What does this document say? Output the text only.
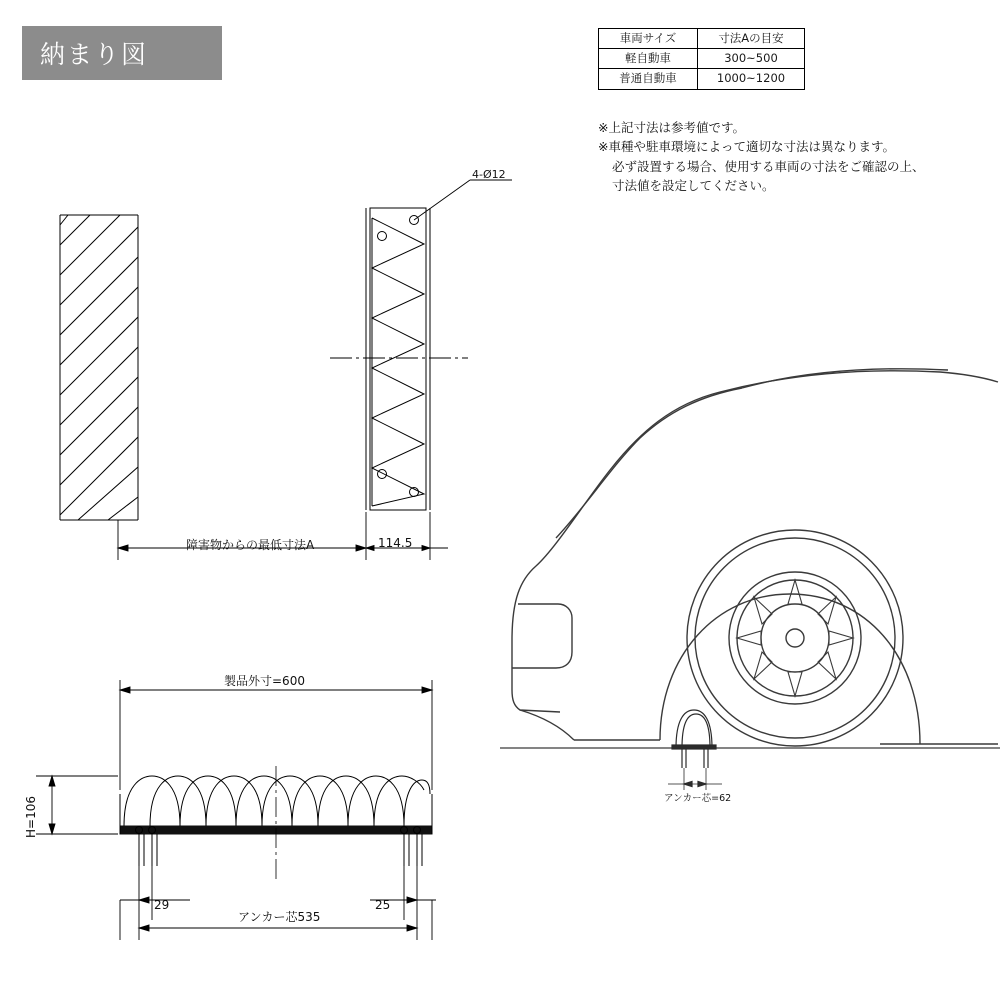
納まり図
車両サイズ	寸法Aの目安
軽自動車	300~500
普通自動車	1000~1200
※上記寸法は参考値です。
※車種や駐車環境によって適切な寸法は異なります。
必ず設置する場合、使用する車両の寸法をご確認の上、
寸法値を設定してください。
4-Ø12
障害物からの最低寸法A	114.5
製品外寸=600
H=106
29	25
アンカー芯535
アンカー芯=62
